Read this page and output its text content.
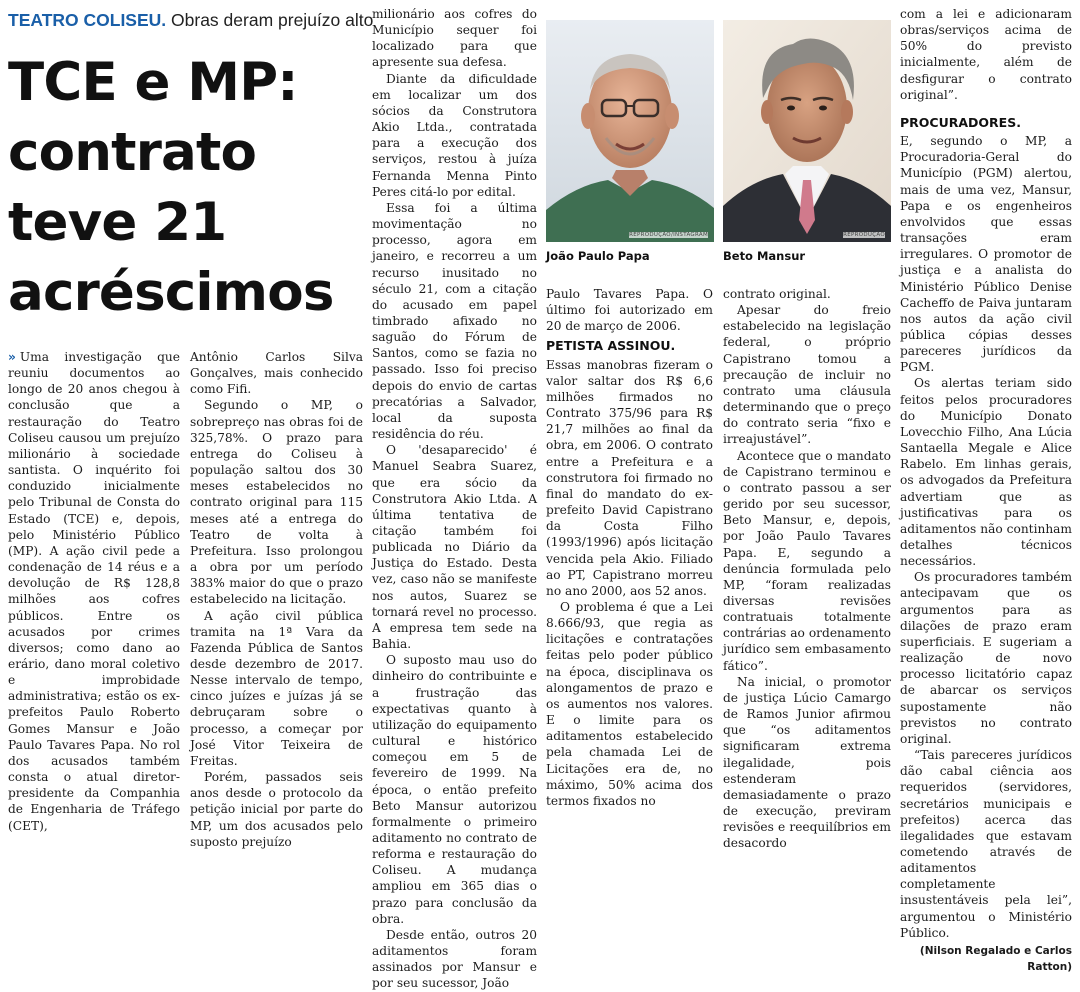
TEATRO COLISEU. Obras deram prejuízo alto
TCE e MP:
contrato
teve 21
acréscimos

» Uma investigação que reuniu documentos ao longo de 20 anos chegou à conclusão que a restauração do Teatro Coliseu causou um prejuízo milionário à sociedade santista. O inquérito foi conduzido inicialmente pelo Tribunal de Consta do Estado (TCE) e, depois, pelo Ministério Público (MP). A ação civil pede a condenação de 14 réus e a devolução de R$ 128,8 milhões aos cofres públicos. Entre os acusados por crimes diversos; como dano ao erário, dano moral coletivo e improbidade administrativa; estão os ex-prefeitos Paulo Roberto Gomes Mansur e João Paulo Tavares Papa. No rol dos acusados também consta o atual diretor-presidente da Companhia de Engenharia de Tráfego (CET),

Antônio Carlos Silva Gonçalves, mais conhecido como Fifi.

Segundo o MP, o sobrepreço nas obras foi de 325,78%. O prazo para entrega do Coliseu à população saltou dos 30 meses estabelecidos no contrato original para 115 meses até a entrega do Teatro de volta à Prefeitura. Isso prolongou a obra por um período 383% maior do que o prazo estabelecido na licitação.

A ação civil pública tramita na 1ª Vara da Fazenda Pública de Santos desde dezembro de 2017. Nesse intervalo de tempo, cinco juízes e juízas já se debruçaram sobre o processo, a começar por José Vitor Teixeira de Freitas.

Porém, passados seis anos desde o protocolo da petição inicial por parte do MP, um dos acusados pelo suposto prejuízo

milionário aos cofres do Município sequer foi localizado para que apresente sua defesa.

Diante da dificuldade em localizar um dos sócios da Construtora Akio Ltda., contratada para a execução dos serviços, restou à juíza Fernanda Menna Pinto Peres citá-lo por edital.

Essa foi a última movimentação no processo, agora em janeiro, e recorreu a um recurso inusitado no século 21, com a citação do acusado em papel timbrado afixado no saguão do Fórum de Santos, como se fazia no passado. Isso foi preciso depois do envio de cartas precatórias a Salvador, local da suposta residência do réu.

O 'desaparecido' é Manuel Seabra Suarez, que era sócio da Construtora Akio Ltda. A última tentativa de citação também foi publicada no Diário da Justiça do Estado. Desta vez, caso não se manifeste nos autos, Suarez se tornará revel no processo. A empresa tem sede na Bahia.

O suposto mau uso do dinheiro do contribuinte e a frustração das expectativas quanto à utilização do equipamento cultural e histórico começou em 5 de fevereiro de 1999. Na época, o então prefeito Beto Mansur autorizou formalmente o primeiro aditamento no contrato de reforma e restauração do Coliseu. A mudança ampliou em 365 dias o prazo para conclusão da obra.

Desde então, outros 20 aditamentos foram assinados por Mansur e por seu sucessor, João

REPRODUÇÃO/INSTAGRAM
João Paulo Papa
REPRODUÇÃO
Beto Mansur

Paulo Tavares Papa. O último foi autorizado em 20 de março de 2006.

PETISTA ASSINOU.

Essas manobras fizeram o valor saltar dos R$ 6,6 milhões firmados no Contrato 375/96 para R$ 21,7 milhões ao final da obra, em 2006. O contrato entre a Prefeitura e a construtora foi firmado no final do mandato do ex-prefeito David Capistrano da Costa Filho (1993/1996) após licitação vencida pela Akio. Filiado ao PT, Capistrano morreu no ano 2000, aos 52 anos.

O problema é que a Lei 8.666/93, que regia as licitações e contratações feitas pelo poder público na época, disciplinava os alongamentos de prazo e os aumentos nos valores. E o limite para os aditamentos estabelecido pela chamada Lei de Licitações era de, no máximo, 50% acima dos termos fixados no

contrato original.

Apesar do freio estabelecido na legislação federal, o próprio Capistrano tomou a precaução de incluir no contrato uma cláusula determinando que o preço do contrato seria “fixo e irreajustável”.

Acontece que o mandato de Capistrano terminou e o contrato passou a ser gerido por seu sucessor, Beto Mansur, e, depois, por João Paulo Tavares Papa. E, segundo a denúncia formulada pelo MP, “foram realizadas diversas revisões contratuais totalmente contrárias ao ordenamento jurídico sem embasamento fático”.

Na inicial, o promotor de justiça Lúcio Camargo de Ramos Junior afirmou que “os aditamentos significaram extrema ilegalidade, pois estenderam demasiadamente o prazo de execução, previram revisões e reequilíbrios em desacordo

com a lei e adicionaram obras/serviços acima de 50% do previsto inicialmente, além de desfigurar o contrato original”.

PROCURADORES.

E, segundo o MP, a Procuradoria-Geral do Município (PGM) alertou, mais de uma vez, Mansur, Papa e os engenheiros envolvidos que essas transações eram irregulares. O promotor de justiça e a analista do Ministério Público Denise Cacheffo de Paiva juntaram nos autos da ação civil pública cópias desses pareceres jurídicos da PGM.

Os alertas teriam sido feitos pelos procuradores do Município Donato Lovecchio Filho, Ana Lúcia Santaella Megale e Alice Rabelo. Em linhas gerais, os advogados da Prefeitura advertiam que as justificativas para os aditamentos não continham detalhes técnicos necessários.

Os procuradores também antecipavam que os argumentos para as dilações de prazo eram superficiais. E sugeriam a realização de novo processo licitatório capaz de abarcar os serviços supostamente não previstos no contrato original.

“Tais pareceres jurídicos dão cabal ciência aos requeridos (servidores, secretários municipais e prefeitos) acerca das ilegalidades que estavam cometendo através de aditamentos completamente insustentáveis pela lei”, argumentou o Ministério Público.

(Nilson Regalado e Carlos Ratton)
